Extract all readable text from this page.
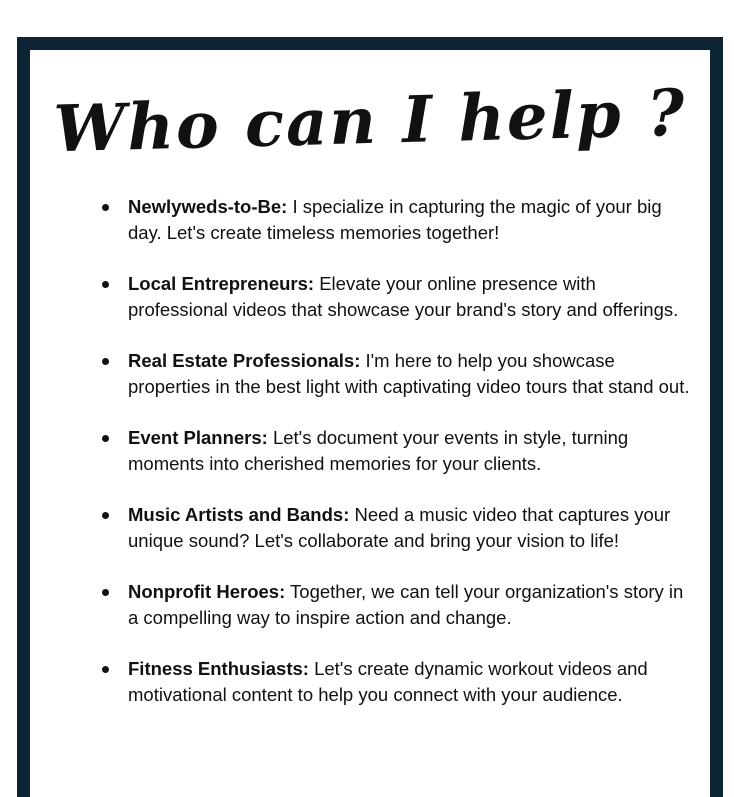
Who can I help ?
Newlyweds-to-Be: I specialize in capturing the magic of your big day. Let's create timeless memories together!
Local Entrepreneurs: Elevate your online presence with professional videos that showcase your brand's story and offerings.
Real Estate Professionals: I'm here to help you showcase properties in the best light with captivating video tours that stand out.
Event Planners: Let's document your events in style, turning moments into cherished memories for your clients.
Music Artists and Bands: Need a music video that captures your unique sound? Let's collaborate and bring your vision to life!
Nonprofit Heroes: Together, we can tell your organization's story in a compelling way to inspire action and change.
Fitness Enthusiasts: Let's create dynamic workout videos and motivational content to help you connect with your audience.
